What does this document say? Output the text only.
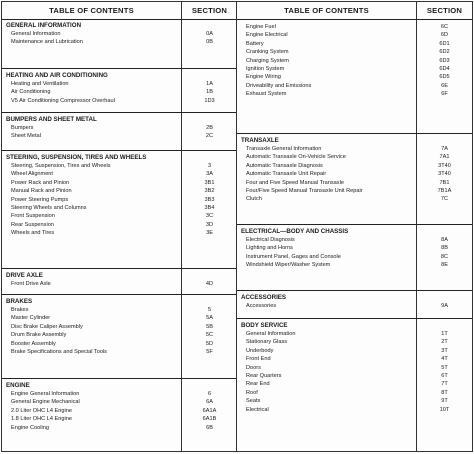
TABLE OF CONTENTS	SECTION
GENERAL INFORMATION
General Information	0A
Maintenance and Lubrication	0B
HEATING AND AIR CONDITIONING
Heating and Ventilation	1A
Air Conditioning	1B
V5 Air Conditioning Compressor Overhaul	1D3
BUMPERS AND SHEET METAL
Bumpers	2B
Sheet Metal	2C
STEERING, SUSPENSION, TIRES AND WHEELS
Steering, Suspension, Tires and Wheels	3
Wheel Alignment	3A
Power Rack and Pinion	3B1
Manual Rack and Pinion	3B2
Power Steering Pumps	3B3
Steering Wheels and Columns	3B4
Front Suspension	3C
Rear Suspension	3D
Wheels and Tires	3E
DRIVE AXLE
Front Drive Axle	4D
BRAKES
Brakes	5
Master Cylinder	5A
Disc Brake Caliper Assembly	5B
Drum Brake Assembly	5C
Booster Assembly	5D
Brake Specifications and Special Tools	5F
ENGINE
Engine General Information	6
General Engine Mechanical	6A
2.0 Liter OHC L4 Engine	6A1A
1.8 Liter OHC L4 Engine	6A1B
Engine Cooling	6B
TABLE OF CONTENTS	SECTION
Engine Fuel	6C
Engine Electrical	6D
Battery	6D1
Cranking System	6D2
Charging System	6D3
Ignition System	6D4
Engine Wiring	6D5
Driveability and Emissions	6E
Exhaust System	6F
TRANSAXLE
Transaxle General Information	7A
Automatic Transaxle On-Vehicle Service	7A1
Automatic Transaxle Diagnosis	3T40
Automatic Transaxle Unit Repair	3T40
Four and Five Speed Manual Transaxle	7B1
Four/Five Speed Manual Transaxle Unit Repair	7B1A
Clutch	7C
ELECTRICAL—BODY AND CHASSIS
Electrical Diagnosis	8A
Lighting and Horns	8B
Instrument Panel, Gages and Console	8C
Windshield Wiper/Washer System	8E
ACCESSORIES
Accessories	9A
BODY SERVICE
General Information	1T
Stationary Glass	2T
Underbody	3T
Front End	4T
Doors	5T
Rear Quarters	6T
Rear End	7T
Roof	8T
Seats	9T
Electrical	10T
